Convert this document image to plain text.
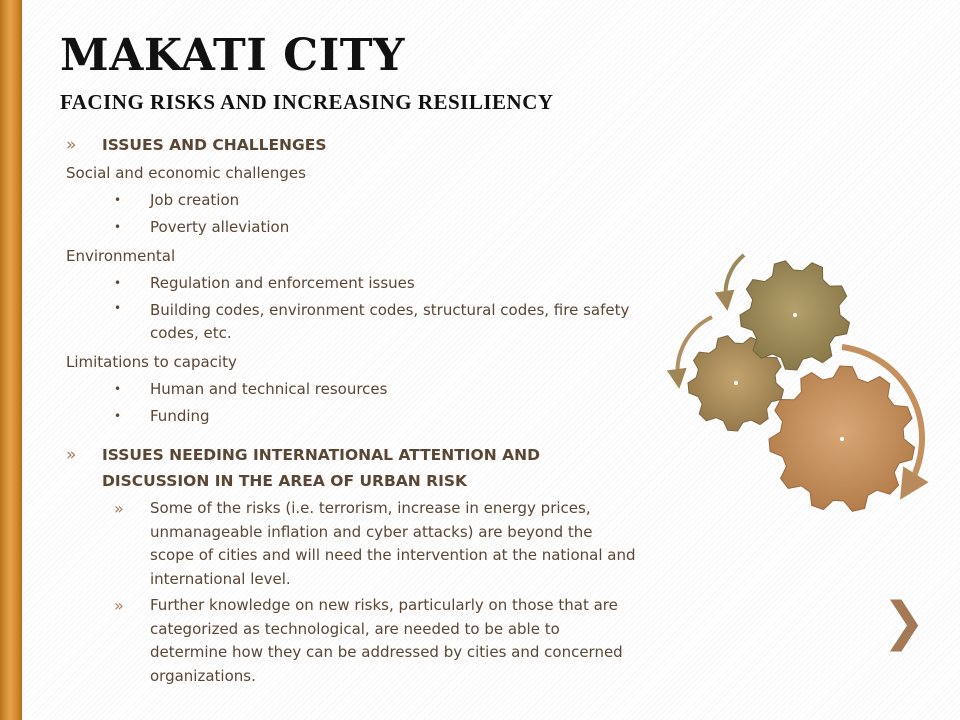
MAKATI CITY
FACING RISKS AND INCREASING RESILIENCY
» ISSUES AND CHALLENGES
Social and economic challenges
• Job creation
• Poverty alleviation
Environmental
• Regulation and enforcement issues
• Building codes, environment codes, structural codes, fire safety codes, etc.
Limitations to capacity
• Human and technical resources
• Funding
» ISSUES NEEDING INTERNATIONAL ATTENTION AND DISCUSSION IN THE AREA OF URBAN RISK
» Some of the risks (i.e. terrorism, increase in energy prices, unmanageable inflation and cyber attacks) are beyond the scope of cities and will need the intervention at the national and international level.
» Further knowledge on new risks, particularly on those that are categorized as technological, are needed to be able to determine how they can be addressed by cities and concerned organizations.
❯
